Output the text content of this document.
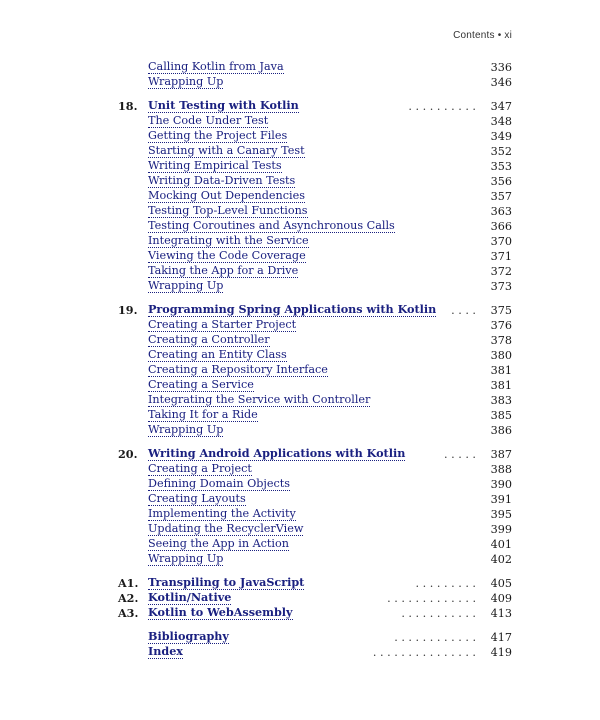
Contents • xi
Calling Kotlin from Java	336
Wrapping Up	346
18. Unit Testing with Kotlin	. . . . . . . . . . 347
The Code Under Test	348
Getting the Project Files	349
Starting with a Canary Test	352
Writing Empirical Tests	353
Writing Data-Driven Tests	356
Mocking Out Dependencies	357
Testing Top-Level Functions	363
Testing Coroutines and Asynchronous Calls	366
Integrating with the Service	370
Viewing the Code Coverage	371
Taking the App for a Drive	372
Wrapping Up	373
19. Programming Spring Applications with Kotlin . . . . 375
Creating a Starter Project	376
Creating a Controller	378
Creating an Entity Class	380
Creating a Repository Interface	381
Creating a Service	381
Integrating the Service with Controller	383
Taking It for a Ride	385
Wrapping Up	386
20. Writing Android Applications with Kotlin	. . . . . 387
Creating a Project	388
Defining Domain Objects	390
Creating Layouts	391
Implementing the Activity	395
Updating the RecyclerView	399
Seeing the App in Action	401
Wrapping Up	402
A1. Transpiling to JavaScript	. . . . . . . . . 405
A2. Kotlin/Native	. . . . . . . . . . . . . 409
A3. Kotlin to WebAssembly	. . . . . . . . . . . 413
Bibliography	. . . . . . . . . . . . 417
Index	. . . . . . . . . . . . . . . 419
